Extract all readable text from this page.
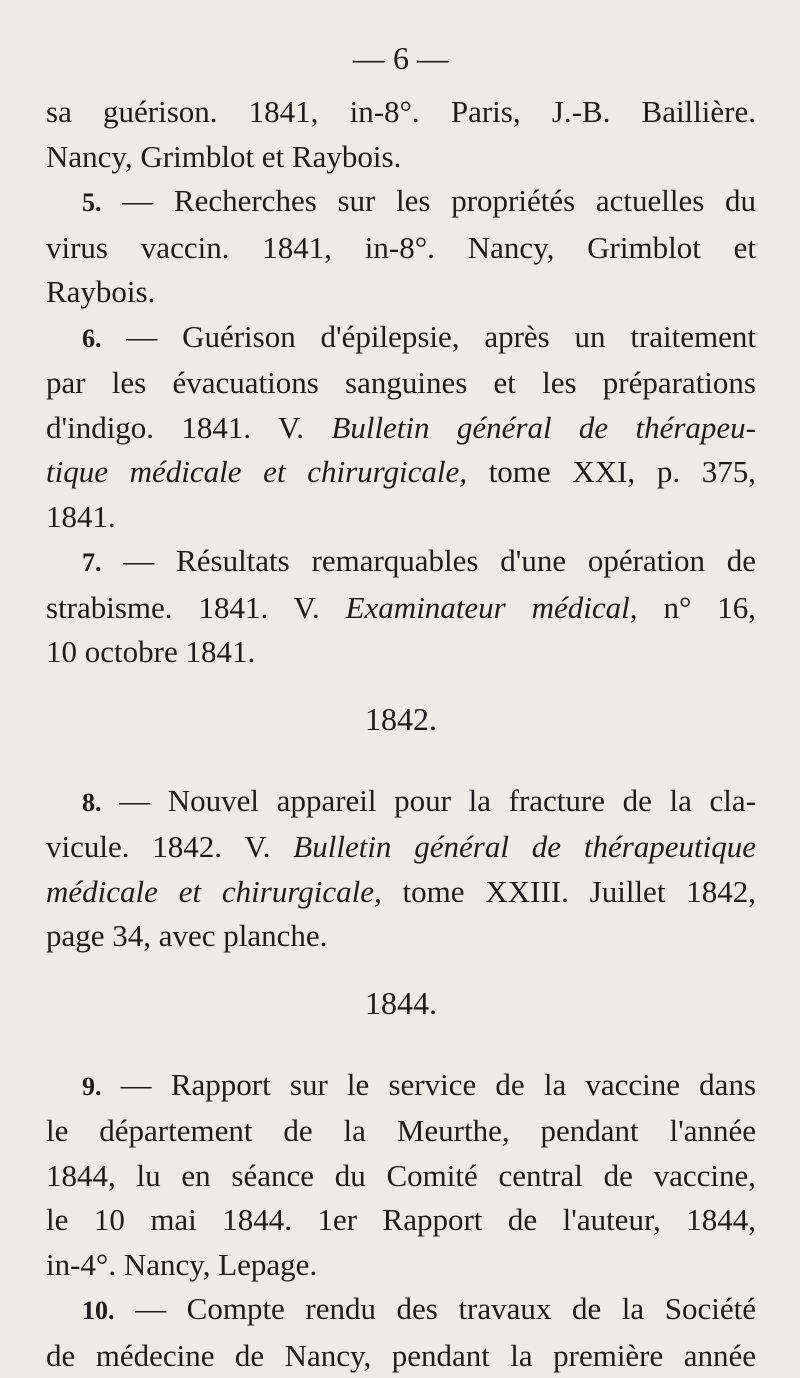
— 6 —
sa guérison. 1841, in-8°. Paris, J.-B. Baillière.
Nancy, Grimblot et Raybois.
5. — Recherches sur les propriétés actuelles du
virus vaccin. 1841, in-8°. Nancy, Grimblot et
Raybois.
6. — Guérison d'épilepsie, après un traitement
par les évacuations sanguines et les préparations
d'indigo. 1841. V. Bulletin général de thérapeu-
tique médicale et chirurgicale, tome XXI, p. 375,
1841.
7. — Résultats remarquables d'une opération de
strabisme. 1841. V. Examinateur médical, n° 16,
10 octobre 1841.
1842.
8. — Nouvel appareil pour la fracture de la cla-
vicule. 1842. V. Bulletin général de thérapeutique
médicale et chirurgicale, tome XXIII. Juillet 1842,
page 34, avec planche.
1844.
9. — Rapport sur le service de la vaccine dans
le département de la Meurthe, pendant l'année
1844, lu en séance du Comité central de vaccine,
le 10 mai 1844. 1er Rapport de l'auteur, 1844,
in-4°. Nancy, Lepage.
10. — Compte rendu des travaux de la Société
de médecine de Nancy, pendant la première année
